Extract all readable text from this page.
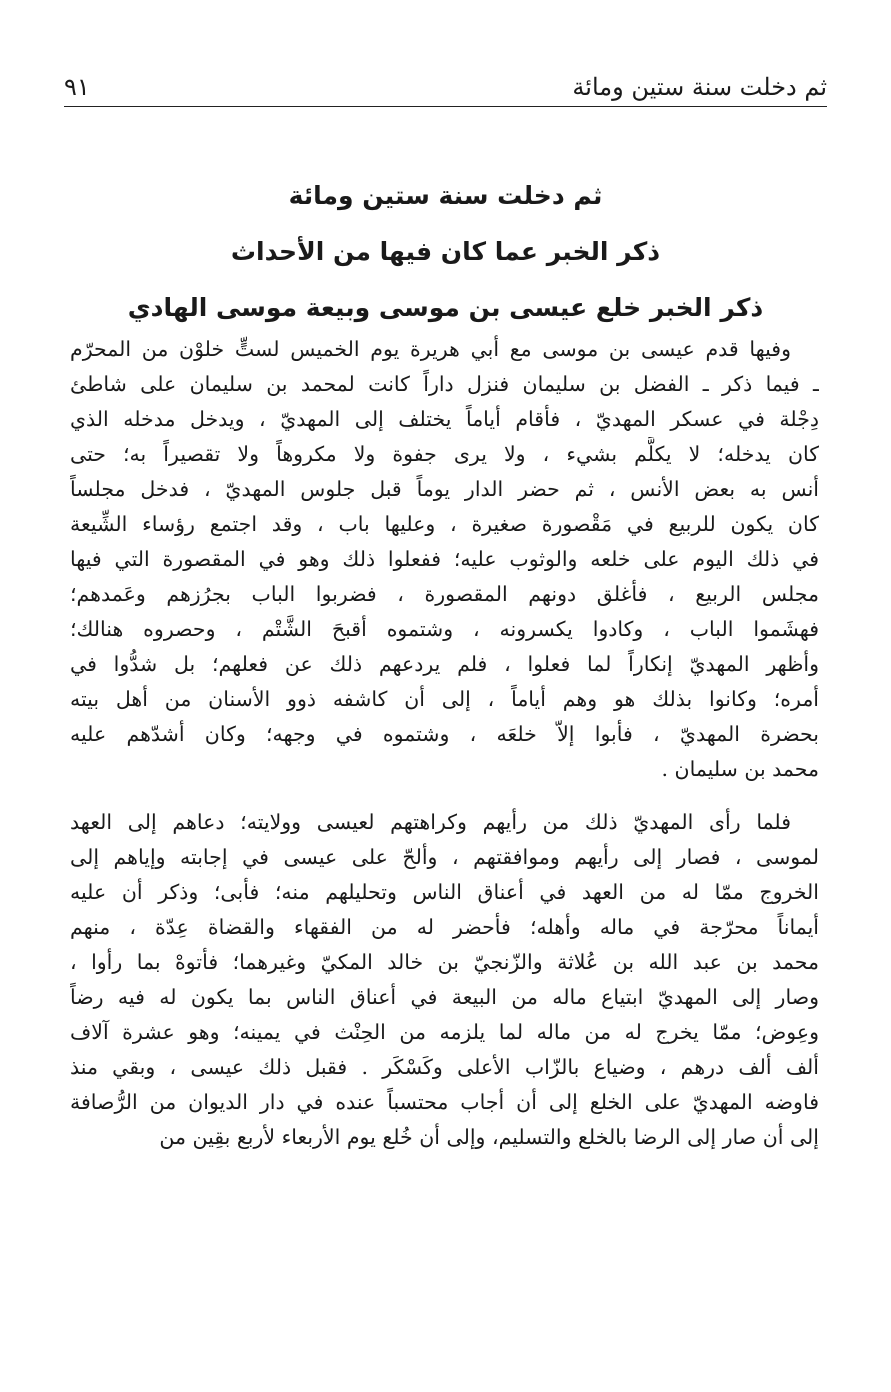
ثم دخلت سنة ستين ومائة
٩١

ثم دخلت سنة ستين ومائة

ذكر الخبر عما كان فيها من الأحداث

ذكر الخبر خلع عيسى بن موسى وبيعة موسى الهادي

وفيها قدم عيسى بن موسى مع أبي هريرة يوم الخميس لستٍّ خلوْن من المحرّم
ـ فيما ذكر ـ الفضل بن سليمان فنزل داراً كانت لمحمد بن سليمان على شاطئ
دِجْلة في عسكر المهديّ ، فأقام أياماً يختلف إلى المهديّ ، ويدخل مدخله الذي
كان يدخله؛ لا يكلَّم بشيء ، ولا يرى جفوة ولا مكروهاً ولا تقصيراً به؛ حتى
أنس به بعض الأنس ، ثم حضر الدار يوماً قبل جلوس المهديّ ، فدخل مجلساً
كان يكون للربيع في مَقْصورة صغيرة ، وعليها باب ، وقد اجتمع رؤساء الشِّيعة
في ذلك اليوم على خلعه والوثوب عليه؛ ففعلوا ذلك وهو في المقصورة التي فيها
مجلس الربيع ، فأغلق دونهم المقصورة ، فضربوا الباب بجرُزهم وعَمدهم؛
فهشَموا الباب ، وكادوا يكسرونه ، وشتموه أقبحَ الشَّتْم ، وحصروه هنالك؛
وأظهر المهديّ إنكاراً لما فعلوا ، فلم يردعهم ذلك عن فعلهم؛ بل شدُّوا في
أمره؛ وكانوا بذلك هو وهم أياماً ، إلى أن كاشفه ذوو الأسنان من أهل بيته
بحضرة المهديّ ، فأبوا إلاّ خلعَه ، وشتموه في وجهه؛ وكان أشدّهم عليه
محمد بن سليمان .
فلما رأى المهديّ ذلك من رأيهم وكراهتهم لعيسى وولايته؛ دعاهم إلى العهد
لموسى ، فصار إلى رأيهم وموافقتهم ، وألحّ على عيسى في إجابته وإياهم إلى
الخروج ممّا له من العهد في أعناق الناس وتحليلهم منه؛ فأبى؛ وذكر أن عليه
أيماناً محرّجة في ماله وأهله؛ فأحضر له من الفقهاء والقضاة عِدّة ، منهم
محمد بن عبد الله بن عُلاثة والزّنجيّ بن خالد المكيّ وغيرهما؛ فأتوهْ بما رأوا ،
وصار إلى المهديّ ابتياع ماله من البيعة في أعناق الناس بما يكون له فيه رضاً
وعِوض؛ ممّا يخرج له من ماله لما يلزمه من الحِنْث في يمينه؛ وهو عشرة آلاف
ألف ألف درهم ، وضياع بالزّاب الأعلى وكَسْكَر . فقبل ذلك عيسى ، وبقي منذ
فاوضه المهديّ على الخلع إلى أن أجاب محتسباً عنده في دار الديوان من الرُّصافة
إلى أن صار إلى الرضا بالخلع والتسليم، وإلى أن خُلع يوم الأربعاء لأربع بقِين من
